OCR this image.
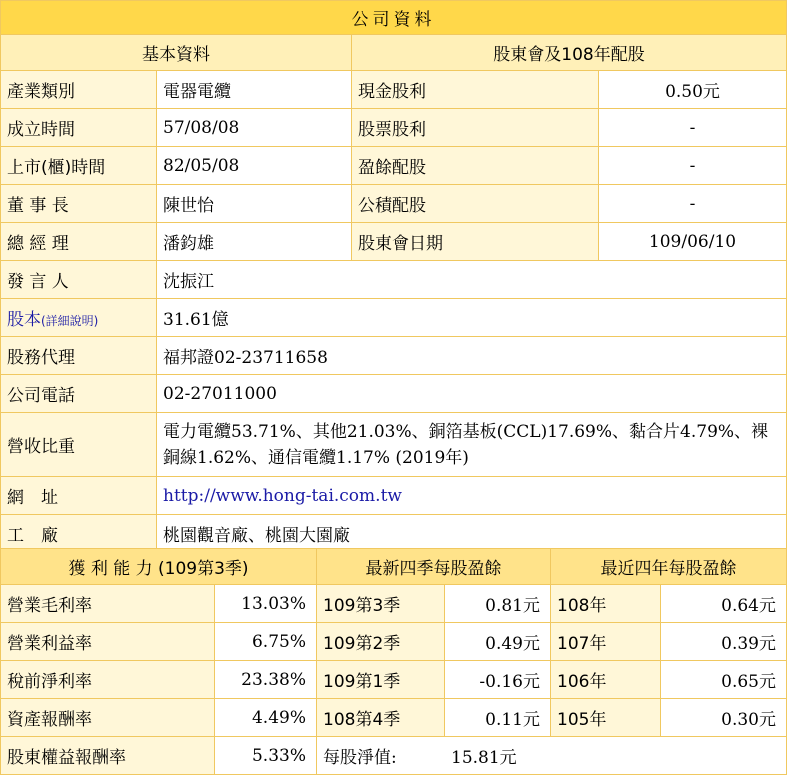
公司資料			
基本資料		股東會及108年配股	
產業類別	電器電纜	現金股利	0.50元
成立時間	57/08/08	股票股利	-
上市(櫃)時間	82/05/08	盈餘配股	-
董 事 長	陳世怡	公積配股	-
總 經 理	潘鈞雄	股東會日期	109/06/10
發 言 人	沈振江		
股本(詳細說明)	31.61億		
股務代理	福邦證02-23711658		
公司電話	02-27011000		
營收比重	電力電纜53.71%、其他21.03%、銅箔基板(CCL)17.69%、黏合片4.79%、裸銅線1.62%、通信電纜1.17% (2019年)		
網　址	http://www.hong-tai.com.tw		
工　廠	桃園觀音廠、桃園大園廠		
獲 利 能 力 (109第3季)		最新四季每股盈餘		最近四年每股盈餘	
營業毛利率	13.03%	109第3季	0.81元	108年	0.64元
營業利益率	6.75%	109第2季	0.49元	107年	0.39元
稅前淨利率	23.38%	109第1季	-0.16元	106年	0.65元
資產報酬率	4.49%	108第4季	0.11元	105年	0.30元
股東權益報酬率	5.33%	每股淨值: 15.81元			
